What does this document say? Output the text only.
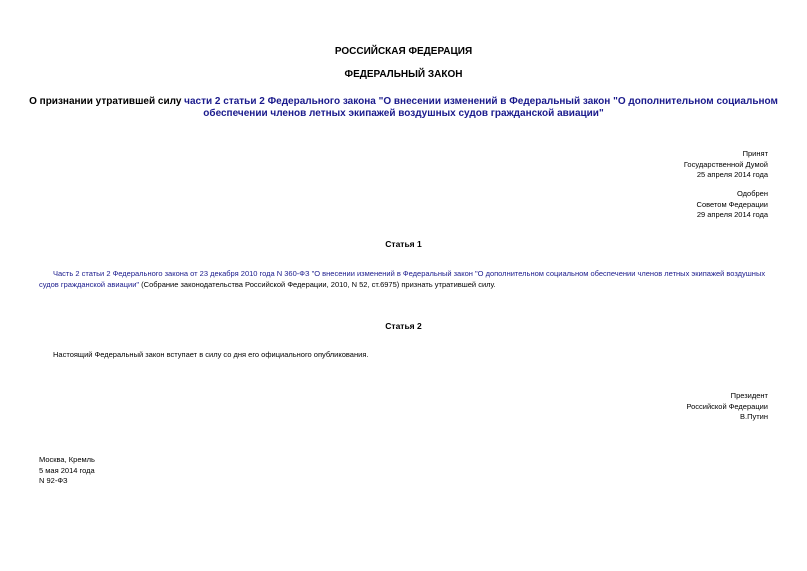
РОССИЙСКАЯ ФЕДЕРАЦИЯ
ФЕДЕРАЛЬНЫЙ ЗАКОН
О признании утратившей силу части 2 статьи 2 Федерального закона "О внесении изменений в Федеральный закон "О дополнительном социальном обеспечении членов летных экипажей воздушных судов гражданской авиации"
Принят
Государственной Думой
25 апреля 2014 года
Одобрен
Советом Федерации
29 апреля 2014 года
Статья 1
Часть 2 статьи 2 Федерального закона от 23 декабря 2010 года N 360-ФЗ "О внесении изменений в Федеральный закон "О дополнительном социальном обеспечении членов летных экипажей воздушных судов гражданской авиации" (Собрание законодательства Российской Федерации, 2010, N 52, ст.6975) признать утратившей силу.
Статья 2
Настоящий Федеральный закон вступает в силу со дня его официального опубликования.
Президент
Российской Федерации
В.Путин
Москва, Кремль
5 мая 2014 года
N 92-ФЗ
